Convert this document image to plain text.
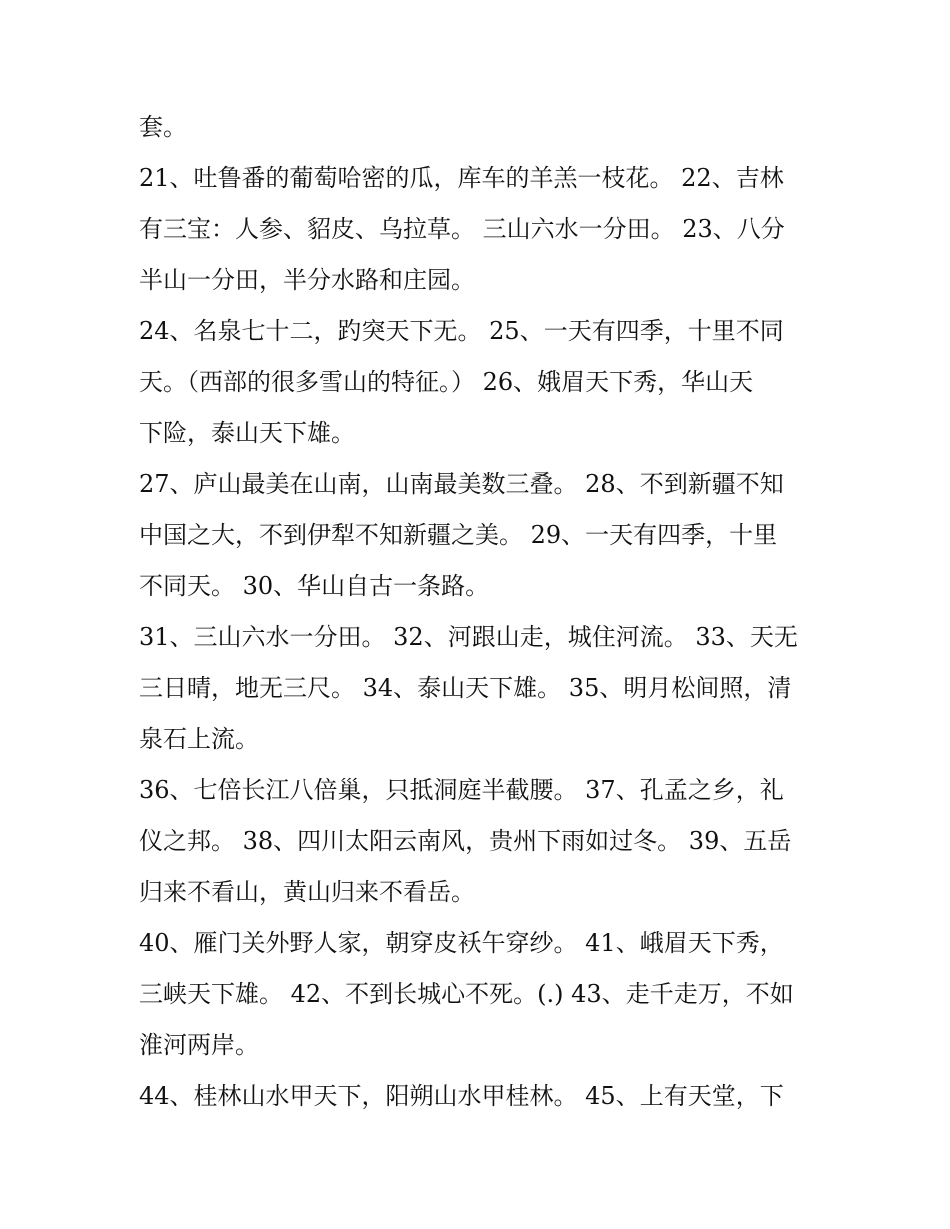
套。
21、吐鲁番的葡萄哈密的瓜，库车的羊羔一枝花。 22、吉林
有三宝：人参、貂皮、乌拉草。 三山六水一分田。 23、八分
半山一分田，半分水路和庄园。
24、名泉七十二，趵突天下无。 25、一天有四季，十里不同
天。（西部的很多雪山的特征。） 26、娥眉天下秀，华山天
下险，泰山天下雄。
27、庐山最美在山南，山南最美数三叠。 28、不到新疆不知
中国之大，不到伊犁不知新疆之美。 29、一天有四季，十里
不同天。 30、华山自古一条路。
31、三山六水一分田。 32、河跟山走，城住河流。 33、天无
三日晴，地无三尺。 34、泰山天下雄。 35、明月松间照，清
泉石上流。
36、七倍长江八倍巢，只抵洞庭半截腰。 37、孔孟之乡，礼
仪之邦。 38、四川太阳云南风，贵州下雨如过冬。 39、五岳
归来不看山，黄山归来不看岳。
40、雁门关外野人家，朝穿皮袄午穿纱。 41、峨眉天下秀，
三峡天下雄。 42、不到长城心不死。(.) 43、走千走万，不如
淮河两岸。
44、桂林山水甲天下，阳朔山水甲桂林。 45、上有天堂，下
